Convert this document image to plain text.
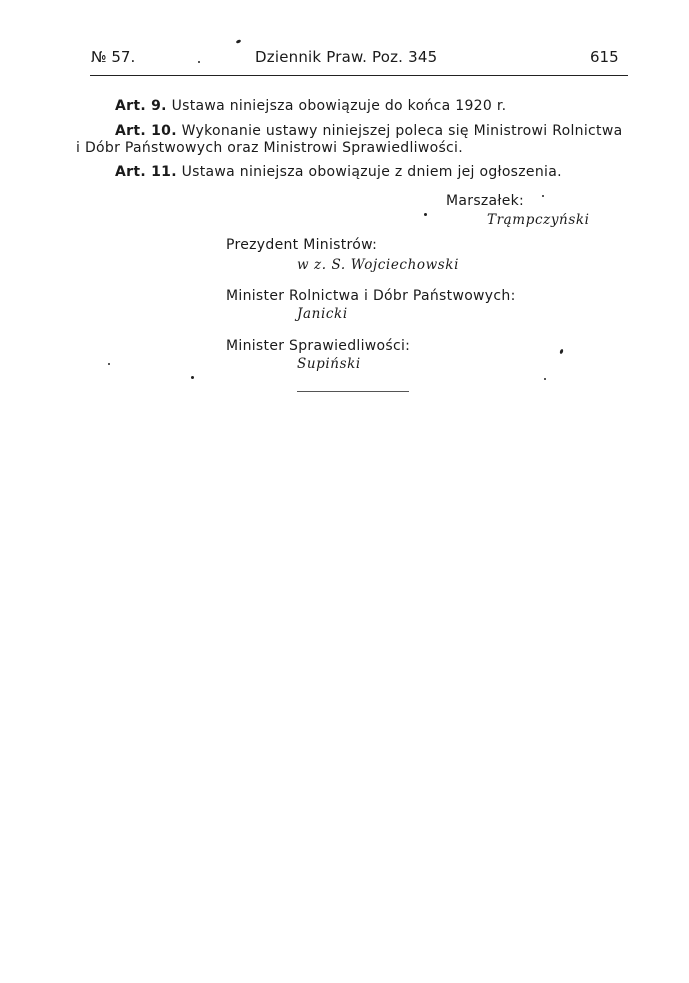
№ 57.	Dziennik Praw. Poz. 345	615
Art. 9. Ustawa niniejsza obowiązuje do końca 1920 r.
Art. 10. Wykonanie ustawy niniejszej poleca się Ministrowi Rolnictwa
i Dóbr Państwowych oraz Ministrowi Sprawiedliwości.
Art. 11. Ustawa niniejsza obowiązuje z dniem jej ogłoszenia.
Marszałek:
Trąmpczyński
Prezydent Ministrów:
w z. S. Wojciechowski
Minister Rolnictwa i Dóbr Państwowych:
Janicki
Minister Sprawiedliwości:
Supiński
